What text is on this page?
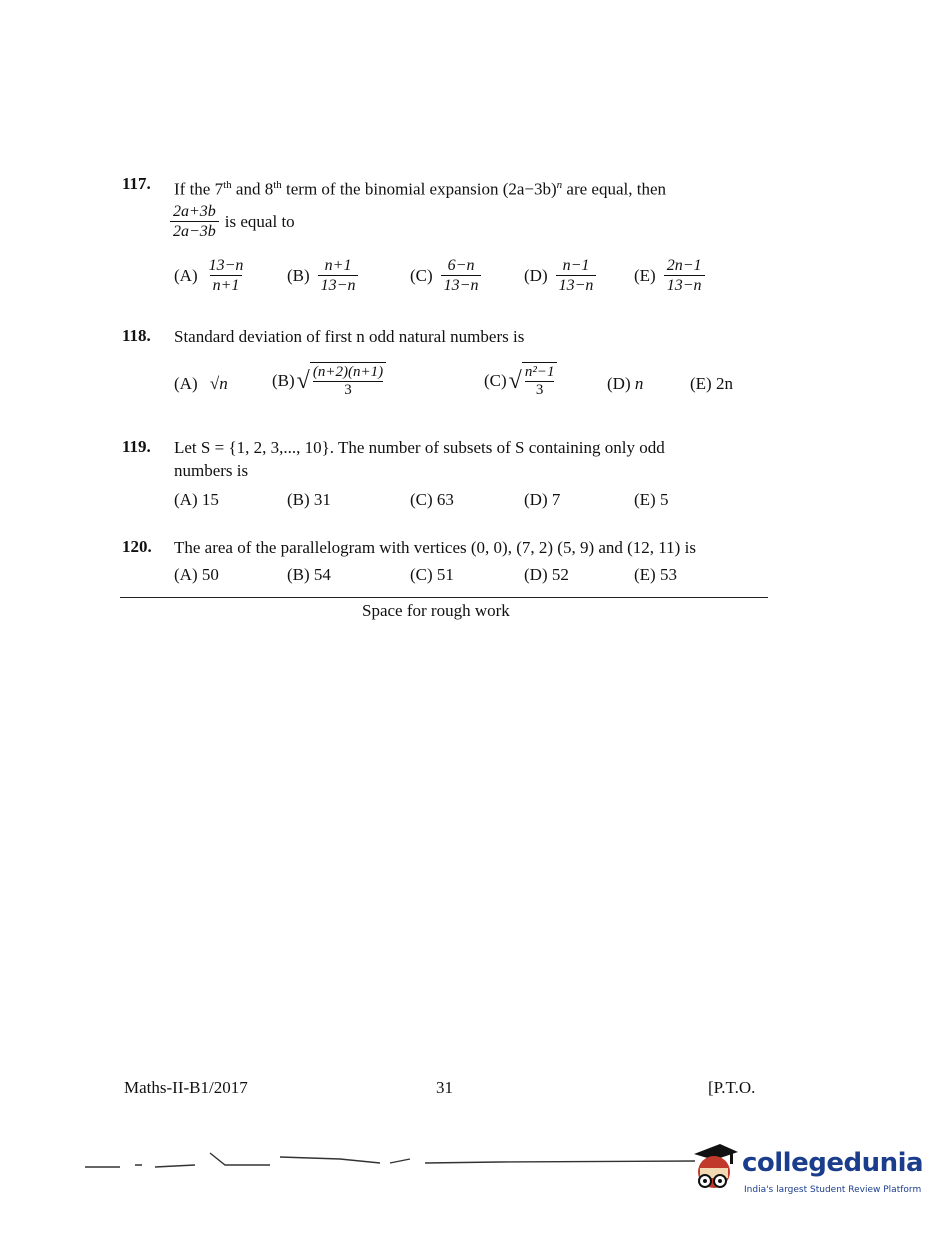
117. If the 7th and 8th term of the binomial expansion $(2a-3b)^n$ are equal, then
$\frac{2a+3b}{2a-3b}$ is equal to
$(A) \frac{13-n}{n+1} (B) \frac{n+1}{13-n}$	$(C) \frac{6-n}{13-n}$	$(D) \frac{n-1}{13-n} (E) \frac{2n-1}{13-n}$
118. Standard deviation of first n odd natural numbers is
(A) √n	(B) √ $\frac{(n+2)(n+1)}{3}$	(C) √ $\frac{\text{n²−1}}{3}$	(D) n	(E) 2n
119. Let S = {1, 2, 3,..., 10}. The number of subsets of S containing only odd
numbers is
(A) 15	(B) 31	(C) 63	(D) 7	(E) 5
120. The area of the parallelogram with vertices (0, 0), (7, 2) (5, 9) and (12, 11) is
(A) 50	(B) 54	(C) 51	(D) 52	(E) 53
Space for rough work
Maths-II-B1/2017	31	[P.T.O.
collegedunia
India's largest Student Review Platform
